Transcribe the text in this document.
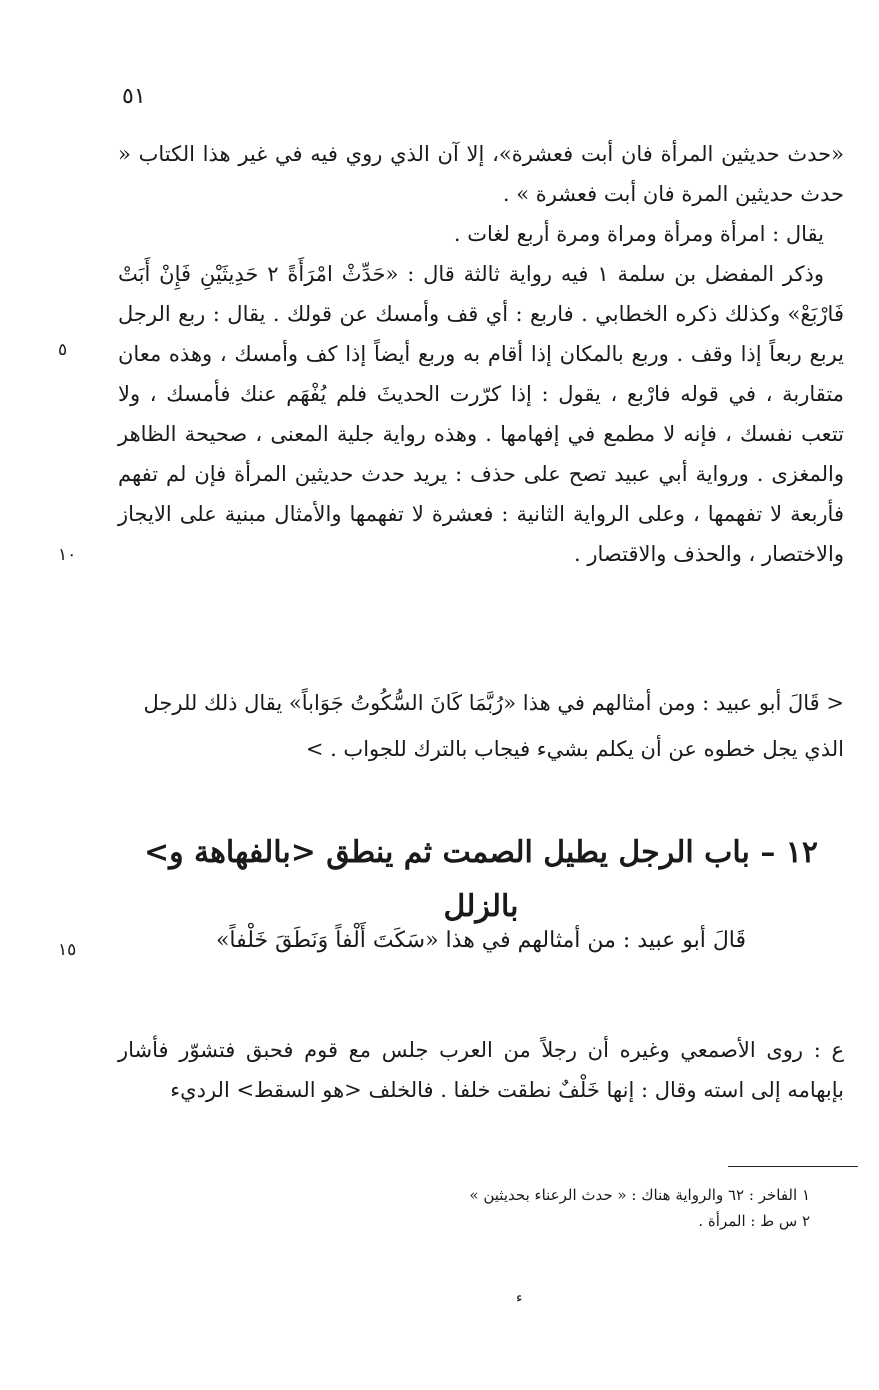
٥١

«حدث حديثين المرأة فان أبت فعشرة»، إلا آن الذي روي فيه في غير هذا الكتاب « حدث حديثين المرة فان أبت فعشرة » .

يقال : امرأة ومرأة ومراة ومرة أربع لغات .

وذكر المفضل بن سلمة ١ فيه رواية ثالثة قال : «حَدِّثْ امْرَأَةً ٢ حَدِيثَيْنِ فَإِنْ أَبَتْ فَارْبَعْ» وكذلك ذكره الخطابي . فاربع : أي قف وأمسك عن قولك . يقال : ربع الرجل يربع ربعاً إذا وقف . وربع بالمكان إذا أقام به وربع أيضاً إذا كف وأمسك ، وهذه معان متقاربة ، في قوله فارْبع ، يقول : إذا كرّرت الحديثَ فلم يُفْهَم عنك فأمسك ، ولا تتعب نفسك ، فإنه لا مطمع في إفهامها . وهذه رواية جلية المعنى ، صحيحة الظاهر والمغزى . ورواية أبي عبيد تصح على حذف : يريد حدث حديثين المرأة فإن لم تفهم فأربعة لا تفهمها ، وعلى الرواية الثانية : فعشرة لا تفهمها والأمثال مبنية على الايجاز والاختصار ، والحذف والاقتصار .

٥
١٠
١٥

< قَالَ أبو عبيد : ومن أمثالهم في هذا «رُبَّمَا كَانَ السُّكُوتُ جَوَاباً» يقال ذلك للرجل الذي يجل خطوه عن أن يكلم بشيء فيجاب بالترك للجواب . >

١٢ – باب الرجل يطيل الصمت ثم ينطق <بالفهاهة و> بالزلل

قَالَ أبو عبيد : من أمثالهم في هذا «سَكَتَ أَلْفاً وَنَطَقَ خَلْفاً»

ع : روى الأصمعي وغيره أن رجلاً من العرب جلس مع قوم فحبق فتشوّر فأشار بإبهامه إلى استه وقال : إنها خَلْفٌ نطقت خلفا . فالخلف <هو السقط> الرديء

١ الفاخر : ٦٢ والرواية هناك : « حدث الرعناء بحديثين »
٢ س ط : المرأة .
ء
